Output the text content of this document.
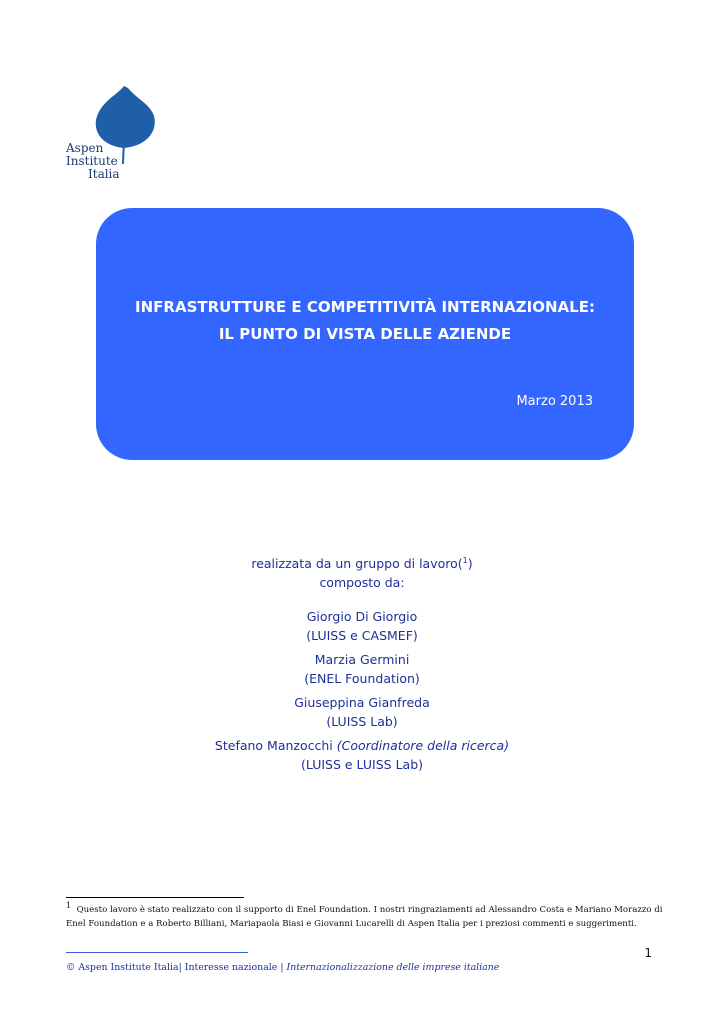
Aspen
Institute
Italia
INFRASTRUTTURE E COMPETITIVITÀ INTERNAZIONALE:
IL PUNTO DI VISTA DELLE AZIENDE
Marzo 2013
realizzata da un gruppo di lavoro($^1$)
composto da:
Giorgio Di Giorgio
(LUISS e CASMEF)
Marzia Germini
(ENEL Foundation)
Giuseppina Gianfreda
(LUISS Lab)
Stefano Manzocchi (Coordinatore della ricerca)
(LUISS e LUISS Lab)
$^1$ Questo lavoro è stato realizzato con il supporto di Enel Foundation. I nostri ringraziamenti ad Alessandro Costa e Mariano Morazzo di Enel Foundation e a Roberto Billiani, Mariapaola Biasi e Giovanni Lucarelli di Aspen Italia per i preziosi commenti e suggerimenti.
1
© Aspen Institute Italia| Interesse nazionale | Internazionalizzazione delle imprese italiane
